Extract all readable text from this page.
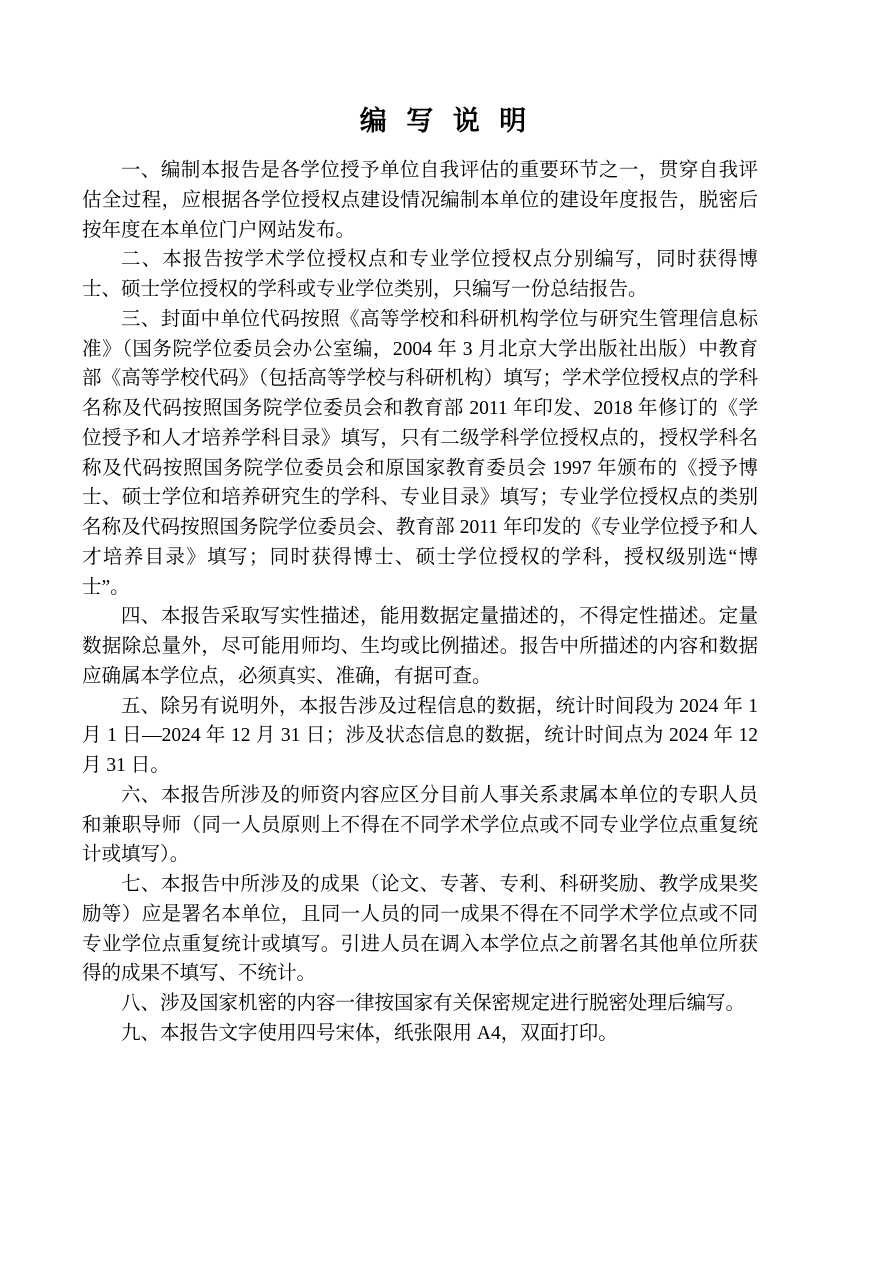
编 写 说 明

一、编制本报告是各学位授予单位自我评估的重要环节之一，贯穿自我评估全过程，应根据各学位授权点建设情况编制本单位的建设年度报告，脱密后按年度在本单位门户网站发布。

二、本报告按学术学位授权点和专业学位授权点分别编写，同时获得博士、硕士学位授权的学科或专业学位类别，只编写一份总结报告。

三、封面中单位代码按照《高等学校和科研机构学位与研究生管理信息标准》（国务院学位委员会办公室编，2004 年 3 月北京大学出版社出版）中教育部《高等学校代码》（包括高等学校与科研机构）填写；学术学位授权点的学科名称及代码按照国务院学位委员会和教育部 2011 年印发、2018 年修订的《学位授予和人才培养学科目录》填写，只有二级学科学位授权点的，授权学科名称及代码按照国务院学位委员会和原国家教育委员会 1997 年颁布的《授予博士、硕士学位和培养研究生的学科、专业目录》填写；专业学位授权点的类别名称及代码按照国务院学位委员会、教育部 2011 年印发的《专业学位授予和人才培养目录》填写；同时获得博士、硕士学位授权的学科，授权级别选“博士”。

四、本报告采取写实性描述，能用数据定量描述的，不得定性描述。定量数据除总量外，尽可能用师均、生均或比例描述。报告中所描述的内容和数据应确属本学位点，必须真实、准确，有据可查。

五、除另有说明外，本报告涉及过程信息的数据，统计时间段为 2024 年 1 月 1 日—2024 年 12 月 31 日；涉及状态信息的数据，统计时间点为 2024 年 12 月 31 日。

六、本报告所涉及的师资内容应区分目前人事关系隶属本单位的专职人员和兼职导师（同一人员原则上不得在不同学术学位点或不同专业学位点重复统计或填写）。

七、本报告中所涉及的成果（论文、专著、专利、科研奖励、教学成果奖励等）应是署名本单位，且同一人员的同一成果不得在不同学术学位点或不同专业学位点重复统计或填写。引进人员在调入本学位点之前署名其他单位所获得的成果不填写、不统计。

八、涉及国家机密的内容一律按国家有关保密规定进行脱密处理后编写。

九、本报告文字使用四号宋体，纸张限用 A4，双面打印。
